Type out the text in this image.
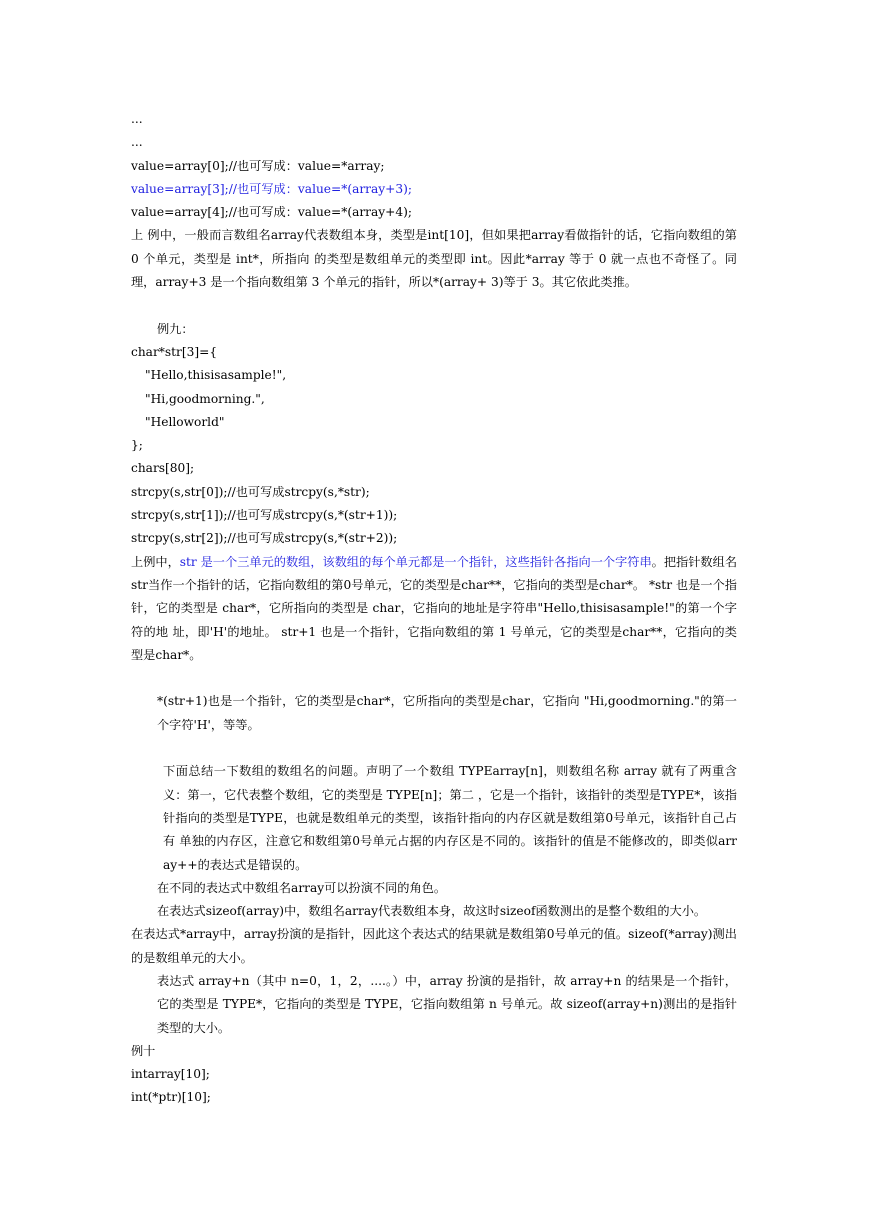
...

...

value=array[0];//也可写成：value=*array;

value=array[3];//也可写成：value=*(array+3);

value=array[4];//也可写成：value=*(array+4);

上 例中，一般而言数组名array代表数组本身，类型是int[10]，但如果把array看做指针的话，它指向数组的第 0 个单元，类型是 int*，所指向 的类型是数组单元的类型即 int。因此*array 等于 0 就一点也不奇怪了。同理，array+3 是一个指向数组第 3 个单元的指针，所以*(array+ 3)等于 3。其它依此类推。

例九：

char*str[3]={

"Hello,thisisasample!",

"Hi,goodmorning.",

"Helloworld"

};

chars[80];

strcpy(s,str[0]);//也可写成strcpy(s,*str);

strcpy(s,str[1]);//也可写成strcpy(s,*(str+1));

strcpy(s,str[2]);//也可写成strcpy(s,*(str+2));

上例中，str 是一个三单元的数组，该数组的每个单元都是一个指针，这些指针各指向一个字符串。把指针数组名str当作一个指针的话，它指向数组的第0号单元，它的类型是char**，它指向的类型是char*。 *str 也是一个指针，它的类型是 char*，它所指向的类型是 char，它指向的地址是字符串"Hello,thisisasample!"的第一个字符的地 址，即'H'的地址。 str+1 也是一个指针，它指向数组的第 1 号单元，它的类型是char**，它指向的类型是char*。

*(str+1)也是一个指针，它的类型是char*，它所指向的类型是char，它指向 "Hi,goodmorning."的第一个字符'H'，等等。

下面总结一下数组的数组名的问题。声明了一个数组 TYPEarray[n]，则数组名称 array 就有了两重含义：第一，它代表整个数组，它的类型是 TYPE[n]；第二 ，它是一个指针，该指针的类型是TYPE*，该指针指向的类型是TYPE，也就是数组单元的类型，该指针指向的内存区就是数组第0号单元，该指针自己占有 单独的内存区，注意它和数组第0号单元占据的内存区是不同的。该指针的值是不能修改的，即类似array++的表达式是错误的。

在不同的表达式中数组名array可以扮演不同的角色。

在表达式sizeof(array)中，数组名array代表数组本身，故这时sizeof函数测出的是整个数组的大小。

在表达式*array中，array扮演的是指针，因此这个表达式的结果就是数组第0号单元的值。sizeof(*array)测出的是数组单元的大小。

表达式 array+n（其中 n=0，1，2，....。）中，array 扮演的是指针，故 array+n 的结果是一个指针，它的类型是 TYPE*，它指向的类型是 TYPE，它指向数组第 n 号单元。故 sizeof(array+n)测出的是指针类型的大小。

例十

intarray[10];

int(*ptr)[10];
